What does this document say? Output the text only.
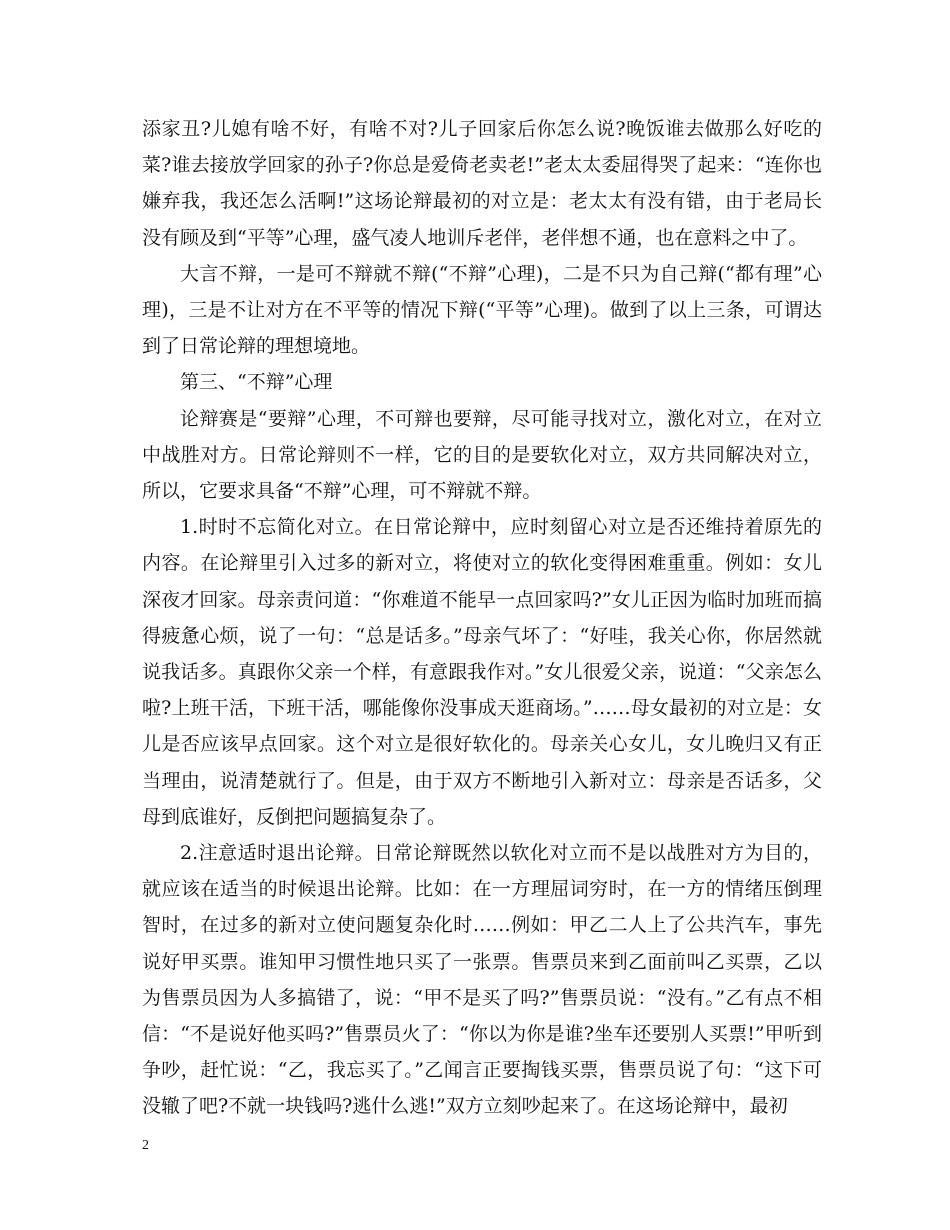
添家丑?儿媳有啥不好，有啥不对?儿子回家后你怎么说?晚饭谁去做那么好吃的菜?谁去接放学回家的孙子?你总是爱倚老卖老!”老太太委屈得哭了起来：“连你也嫌弃我，我还怎么活啊!”这场论辩最初的对立是：老太太有没有错，由于老局长没有顾及到“平等”心理，盛气凌人地训斥老伴，老伴想不通，也在意料之中了。

大言不辩，一是可不辩就不辩(“不辩”心理)，二是不只为自己辩(“都有理”心理)，三是不让对方在不平等的情况下辩(“平等”心理)。做到了以上三条，可谓达到了日常论辩的理想境地。

第三、“不辩”心理

论辩赛是“要辩”心理，不可辩也要辩，尽可能寻找对立，激化对立，在对立中战胜对方。日常论辩则不一样，它的目的是要软化对立，双方共同解决对立，所以，它要求具备“不辩”心理，可不辩就不辩。

1.时时不忘简化对立。在日常论辩中，应时刻留心对立是否还维持着原先的内容。在论辩里引入过多的新对立，将使对立的软化变得困难重重。例如：女儿深夜才回家。母亲责问道：“你难道不能早一点回家吗?”女儿正因为临时加班而搞得疲惫心烦，说了一句：“总是话多。”母亲气坏了：“好哇，我关心你，你居然就说我话多。真跟你父亲一个样，有意跟我作对。”女儿很爱父亲，说道：“父亲怎么啦?上班干活，下班干活，哪能像你没事成天逛商场。”……母女最初的对立是：女儿是否应该早点回家。这个对立是很好软化的。母亲关心女儿，女儿晚归又有正当理由，说清楚就行了。但是，由于双方不断地引入新对立：母亲是否话多，父母到底谁好，反倒把问题搞复杂了。

2.注意适时退出论辩。日常论辩既然以软化对立而不是以战胜对方为目的，就应该在适当的时候退出论辩。比如：在一方理屈词穷时，在一方的情绪压倒理智时，在过多的新对立使问题复杂化时……例如：甲乙二人上了公共汽车，事先说好甲买票。谁知甲习惯性地只买了一张票。售票员来到乙面前叫乙买票，乙以为售票员因为人多搞错了，说：“甲不是买了吗?”售票员说：“没有。”乙有点不相信：“不是说好他买吗?”售票员火了：“你以为你是谁?坐车还要别人买票!”甲听到争吵，赶忙说：“乙，我忘买了。”乙闻言正要掏钱买票，售票员说了句：“这下可没辙了吧?不就一块钱吗?逃什么逃!”双方立刻吵起来了。在这场论辩中，最初

2
